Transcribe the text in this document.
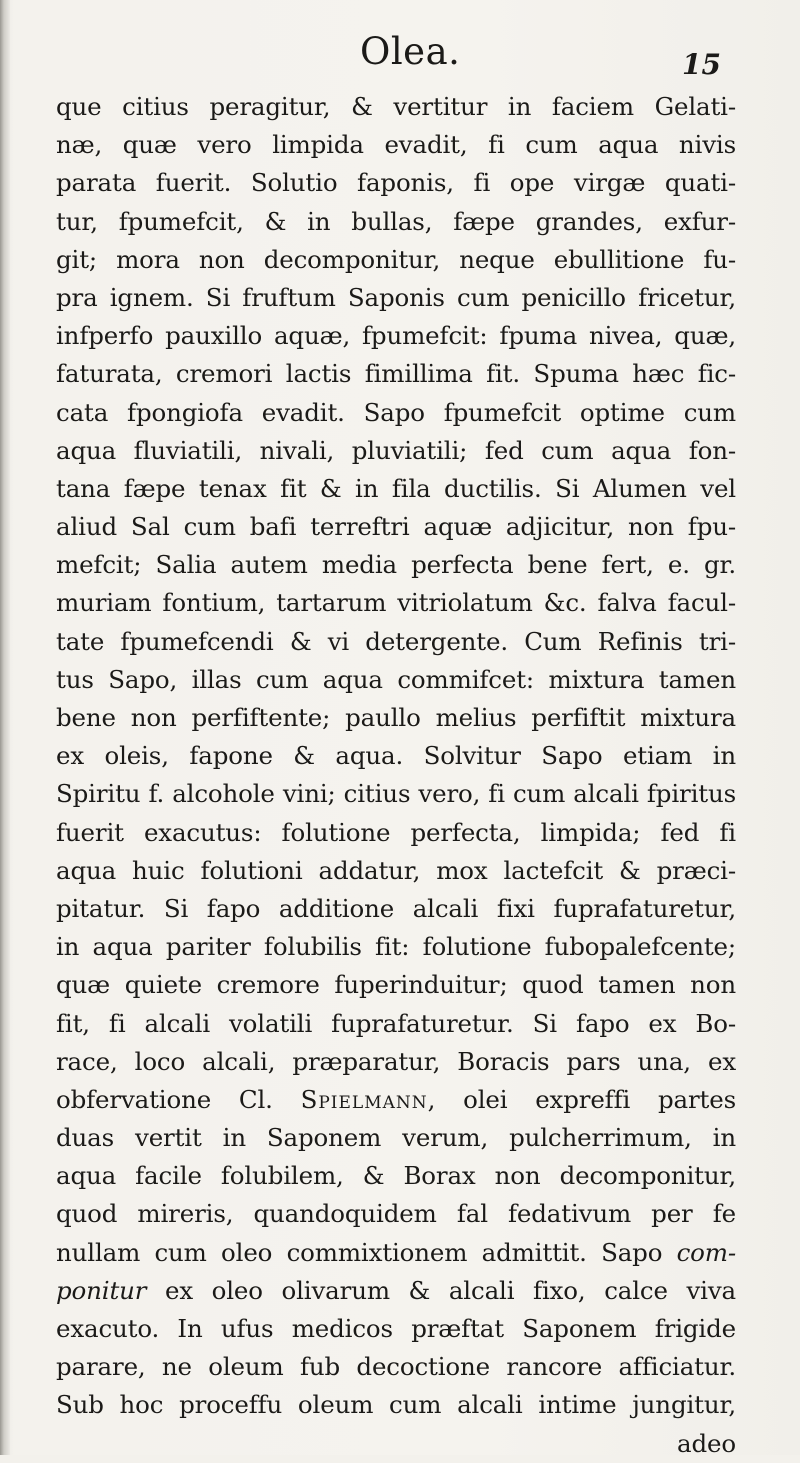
Olea.	15
que citius peragitur, & vertitur in faciem Gelati-
næ, quæ vero limpida evadit, fi cum aqua nivis
parata fuerit. Solutio faponis, fi ope virgæ quati-
tur, fpumefcit, & in bullas, fæpe grandes, exfur-
git; mora non decomponitur, neque ebullitione fu-
pra ignem. Si fruftum Saponis cum penicillo fricetur,
infperfo pauxillo aquæ, fpumefcit: fpuma nivea, quæ,
faturata, cremori lactis fimillima fit. Spuma hæc fic-
cata fpongiofa evadit. Sapo fpumefcit optime cum
aqua fluviatili, nivali, pluviatili; fed cum aqua fon-
tana fæpe tenax fit & in fila ductilis. Si Alumen vel
aliud Sal cum bafi terreftri aquæ adjicitur, non fpu-
mefcit; Salia autem media perfecta bene fert, e. gr.
muriam fontium, tartarum vitriolatum &c. falva facul-
tate fpumefcendi & vi detergente. Cum Refinis tri-
tus Sapo, illas cum aqua commifcet: mixtura tamen
bene non perfiftente; paullo melius perfiftit mixtura
ex oleis, fapone & aqua. Solvitur Sapo etiam in
Spiritu f. alcohole vini; citius vero, fi cum alcali fpiritus
fuerit exacutus: folutione perfecta, limpida; fed fi
aqua huic folutioni addatur, mox lactefcit & præci-
pitatur. Si fapo additione alcali fixi fuprafaturetur,
in aqua pariter folubilis fit: folutione fubopalefcente;
quæ quiete cremore fuperinduitur; quod tamen non
fit, fi alcali volatili fuprafaturetur. Si fapo ex Bo-
race, loco alcali, præparatur, Boracis pars una, ex
obfervatione Cl. Spielmann, olei expreffi partes
duas vertit in Saponem verum, pulcherrimum, in
aqua facile folubilem, & Borax non decomponitur,
quod mireris, quandoquidem fal fedativum per fe
nullam cum oleo commixtionem admittit. Sapo com-
ponitur ex oleo olivarum & alcali fixo, calce viva
exacuto. In ufus medicos præftat Saponem frigide
parare, ne oleum fub decoctione rancore afficiatur.
Sub hoc proceffu oleum cum alcali intime jungitur,
adeo
